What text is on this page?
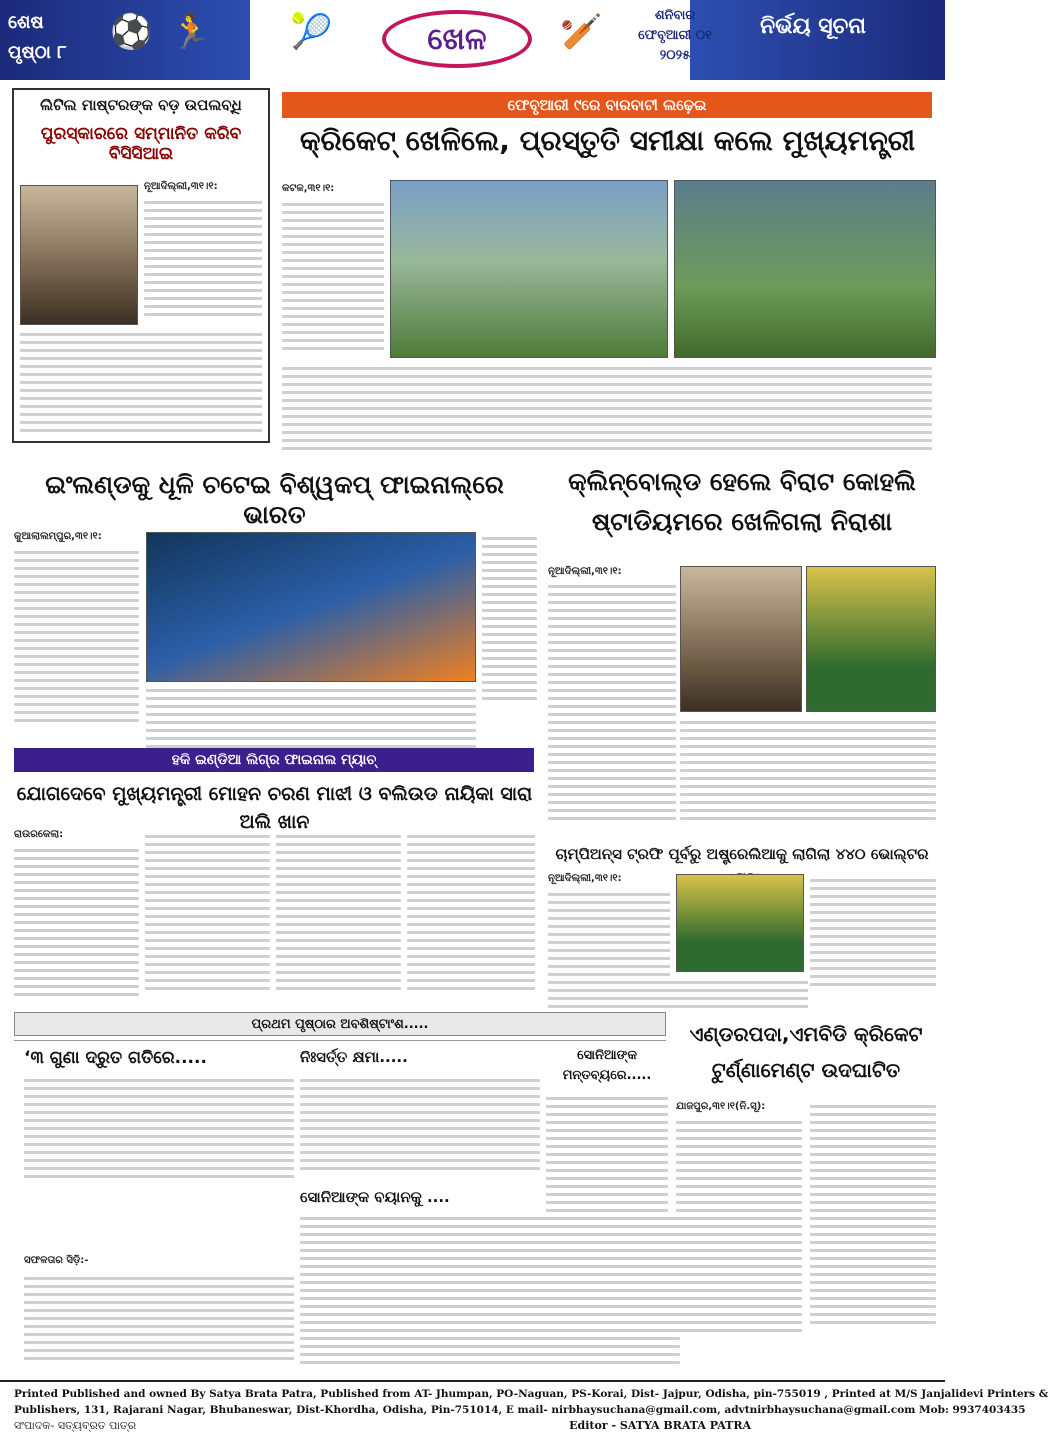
ଶେଷ
ପୃଷ୍ଠା ୮
⚽ 🏃 🎾	ଖେଳ	🏏	ଶନିବାର
ଫେବୃଆରୀ ୦୧
୨୦୨୫
ନିର୍ଭୟ ସୂଚନା
ଲିଟିଲ ମାଷ୍ଟରଙ୍କ ବଡ଼ ଉପଲବ୍ଧି
ପୁରସ୍କାରରେ ସମ୍ମାନିତ କରିବ ବିସିସିଆଇ
ନୂଆଦିଲ୍ଲୀ,୩୧।୧:
ଫେବୃଆରୀ ୯ରେ ବାରବାଟୀ ଲଢ଼େଇ
କ୍ରିକେଟ୍ ଖେଳିଲେ, ପ୍ରସ୍ତୁତି ସମୀକ୍ଷା କଲେ ମୁଖ୍ୟମନ୍ତ୍ରୀ
କଟକ,୩୧।୧:
ଇଂଲଣ୍ଡକୁ ଧୂଳି ଚଟେଇ ବିଶ୍ୱକପ୍ ଫାଇନାଲ୍‌ରେ ଭାରତ
କୁଆଲାଲମ୍ପୁର,୩୧।୧:
କ୍ଲିନ୍‌ବୋଲ୍ଡ ହେଲେ ବିରାଟ କୋହଲି
ଷ୍ଟାଡିୟମରେ ଖେଳିଗଲା ନିରାଶା
ନୂଆଦିଲ୍ଲୀ,୩୧।୧:
ହକି ଇଣ୍ଡିଆ ଲିଗ୍‌ର ଫାଇନାଲ ମ୍ୟାଚ୍
ଯୋଗଦେବେ ମୁଖ୍ୟମନ୍ତ୍ରୀ ମୋହନ ଚରଣ ମାଝୀ ଓ ବଲିଉଡ ନାୟିକା ସାରା ଅଲି ଖାନ
ରାଉରକେଲା:
ଚାମ୍ପିଅନ୍ସ ଟ୍ରଫି ପୂର୍ବରୁ ଅଷ୍ଟ୍ରେଲିଆକୁ ଲାଗିଲା ୪୪୦ ଭୋଲ୍ଟର
ନୂଆଦିଲ୍ଲୀ,୩୧।୧:
ପ୍ରଥମ ପୃଷ୍ଠାର ଅବଶିଷ୍ଟାଂଶ.....
‘୩ ଗୁଣା ଦ୍ରୁତ ଗତିରେ.....
ସଫଳତାର ସିଡ଼ି:-
ନିଃସର୍ତ୍ତ କ୍ଷମା.....
ସୋନିଆଙ୍କ ବୟାନକୁ ....
ସୋନିଆଙ୍କ
ମନ୍ତବ୍ୟରେ.....
ଏଣ୍ଡରପଦା,ଏମବିଡି କ୍ରିକେଟ
ଟୁର୍ଣ୍ଣାମେଣ୍ଟ ଉଦଘାଟିତ
ଯାଜପୁର,୩୧।୧(ନି.ସୂ):
Printed Published and owned By Satya Brata Patra, Published from AT- Jhumpan, PO-Naguan, PS-Korai, Dist- Jajpur, Odisha, pin-755019 , Printed at M/S Janjalidevi Printers &
Publishers, 131, Rajarani Nagar, Bhubaneswar, Dist-Khordha, Odisha, Pin-751014, E mail- nirbhaysuchana@gmail.com, advtnirbhaysuchana@gmail.com Mob: 9937403435
ସଂପାଦକ- ସତ୍ୟବ୍ରତ ପାତ୍ର	Editor - SATYA BRATA PATRA
